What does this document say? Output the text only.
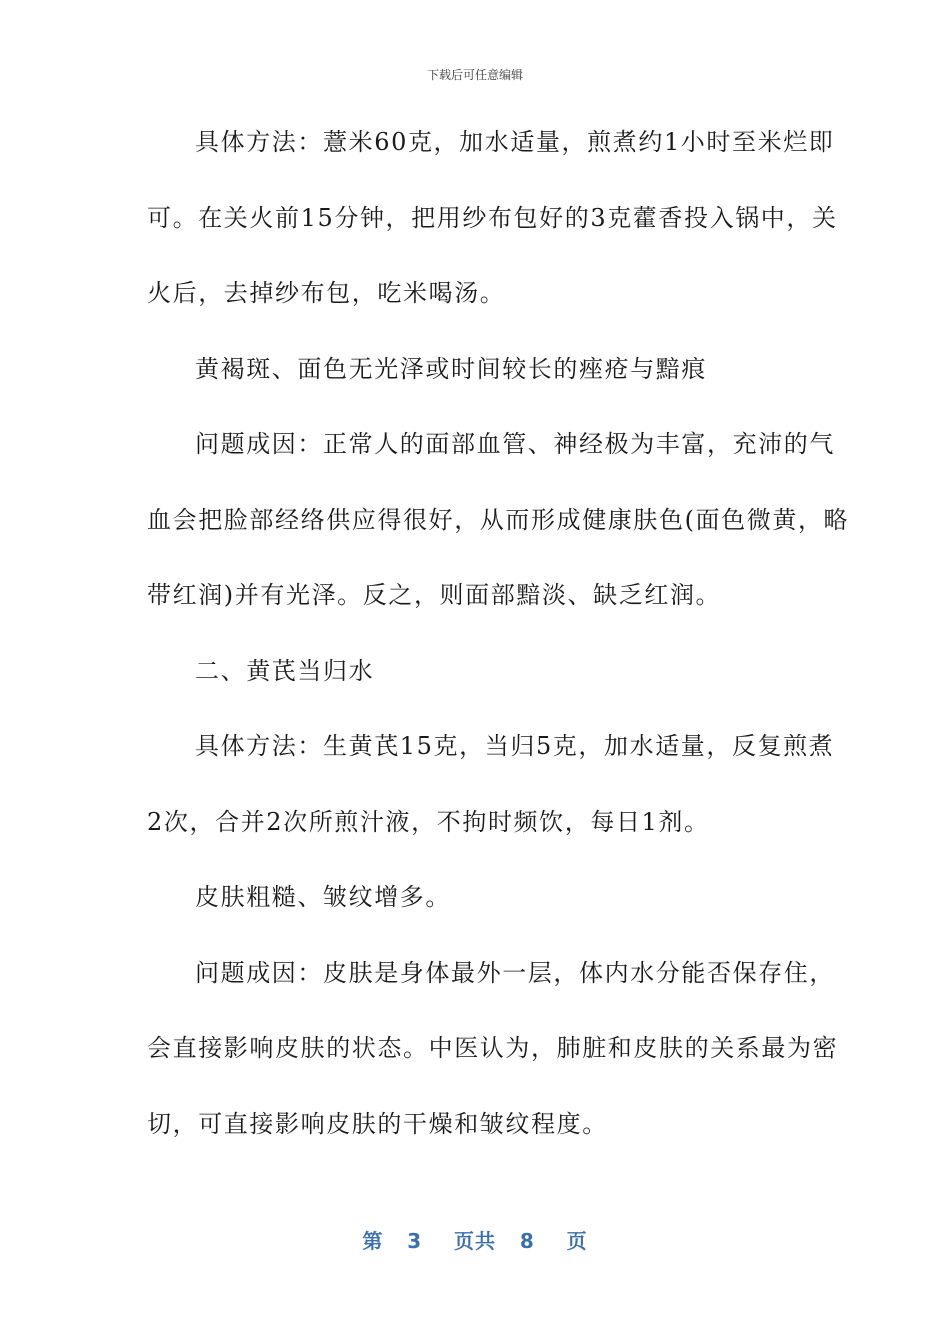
下载后可任意编辑
具体方法：薏米60克，加水适量，煎煮约1小时至米烂即
可。在关火前15分钟，把用纱布包好的3克藿香投入锅中，关
火后，去掉纱布包，吃米喝汤。
黄褐斑、面色无光泽或时间较长的痤疮与黯痕
问题成因：正常人的面部血管、神经极为丰富，充沛的气
血会把脸部经络供应得很好，从而形成健康肤色(面色微黄，略
带红润)并有光泽。反之，则面部黯淡、缺乏红润。
二、黄芪当归水
具体方法：生黄芪15克，当归5克，加水适量，反复煎煮
2次，合并2次所煎汁液，不拘时频饮，每日1剂。
皮肤粗糙、皱纹增多。
问题成因：皮肤是身体最外一层，体内水分能否保存住，
会直接影响皮肤的状态。中医认为，肺脏和皮肤的关系最为密
切，可直接影响皮肤的干燥和皱纹程度。
第 3 页共 8 页
